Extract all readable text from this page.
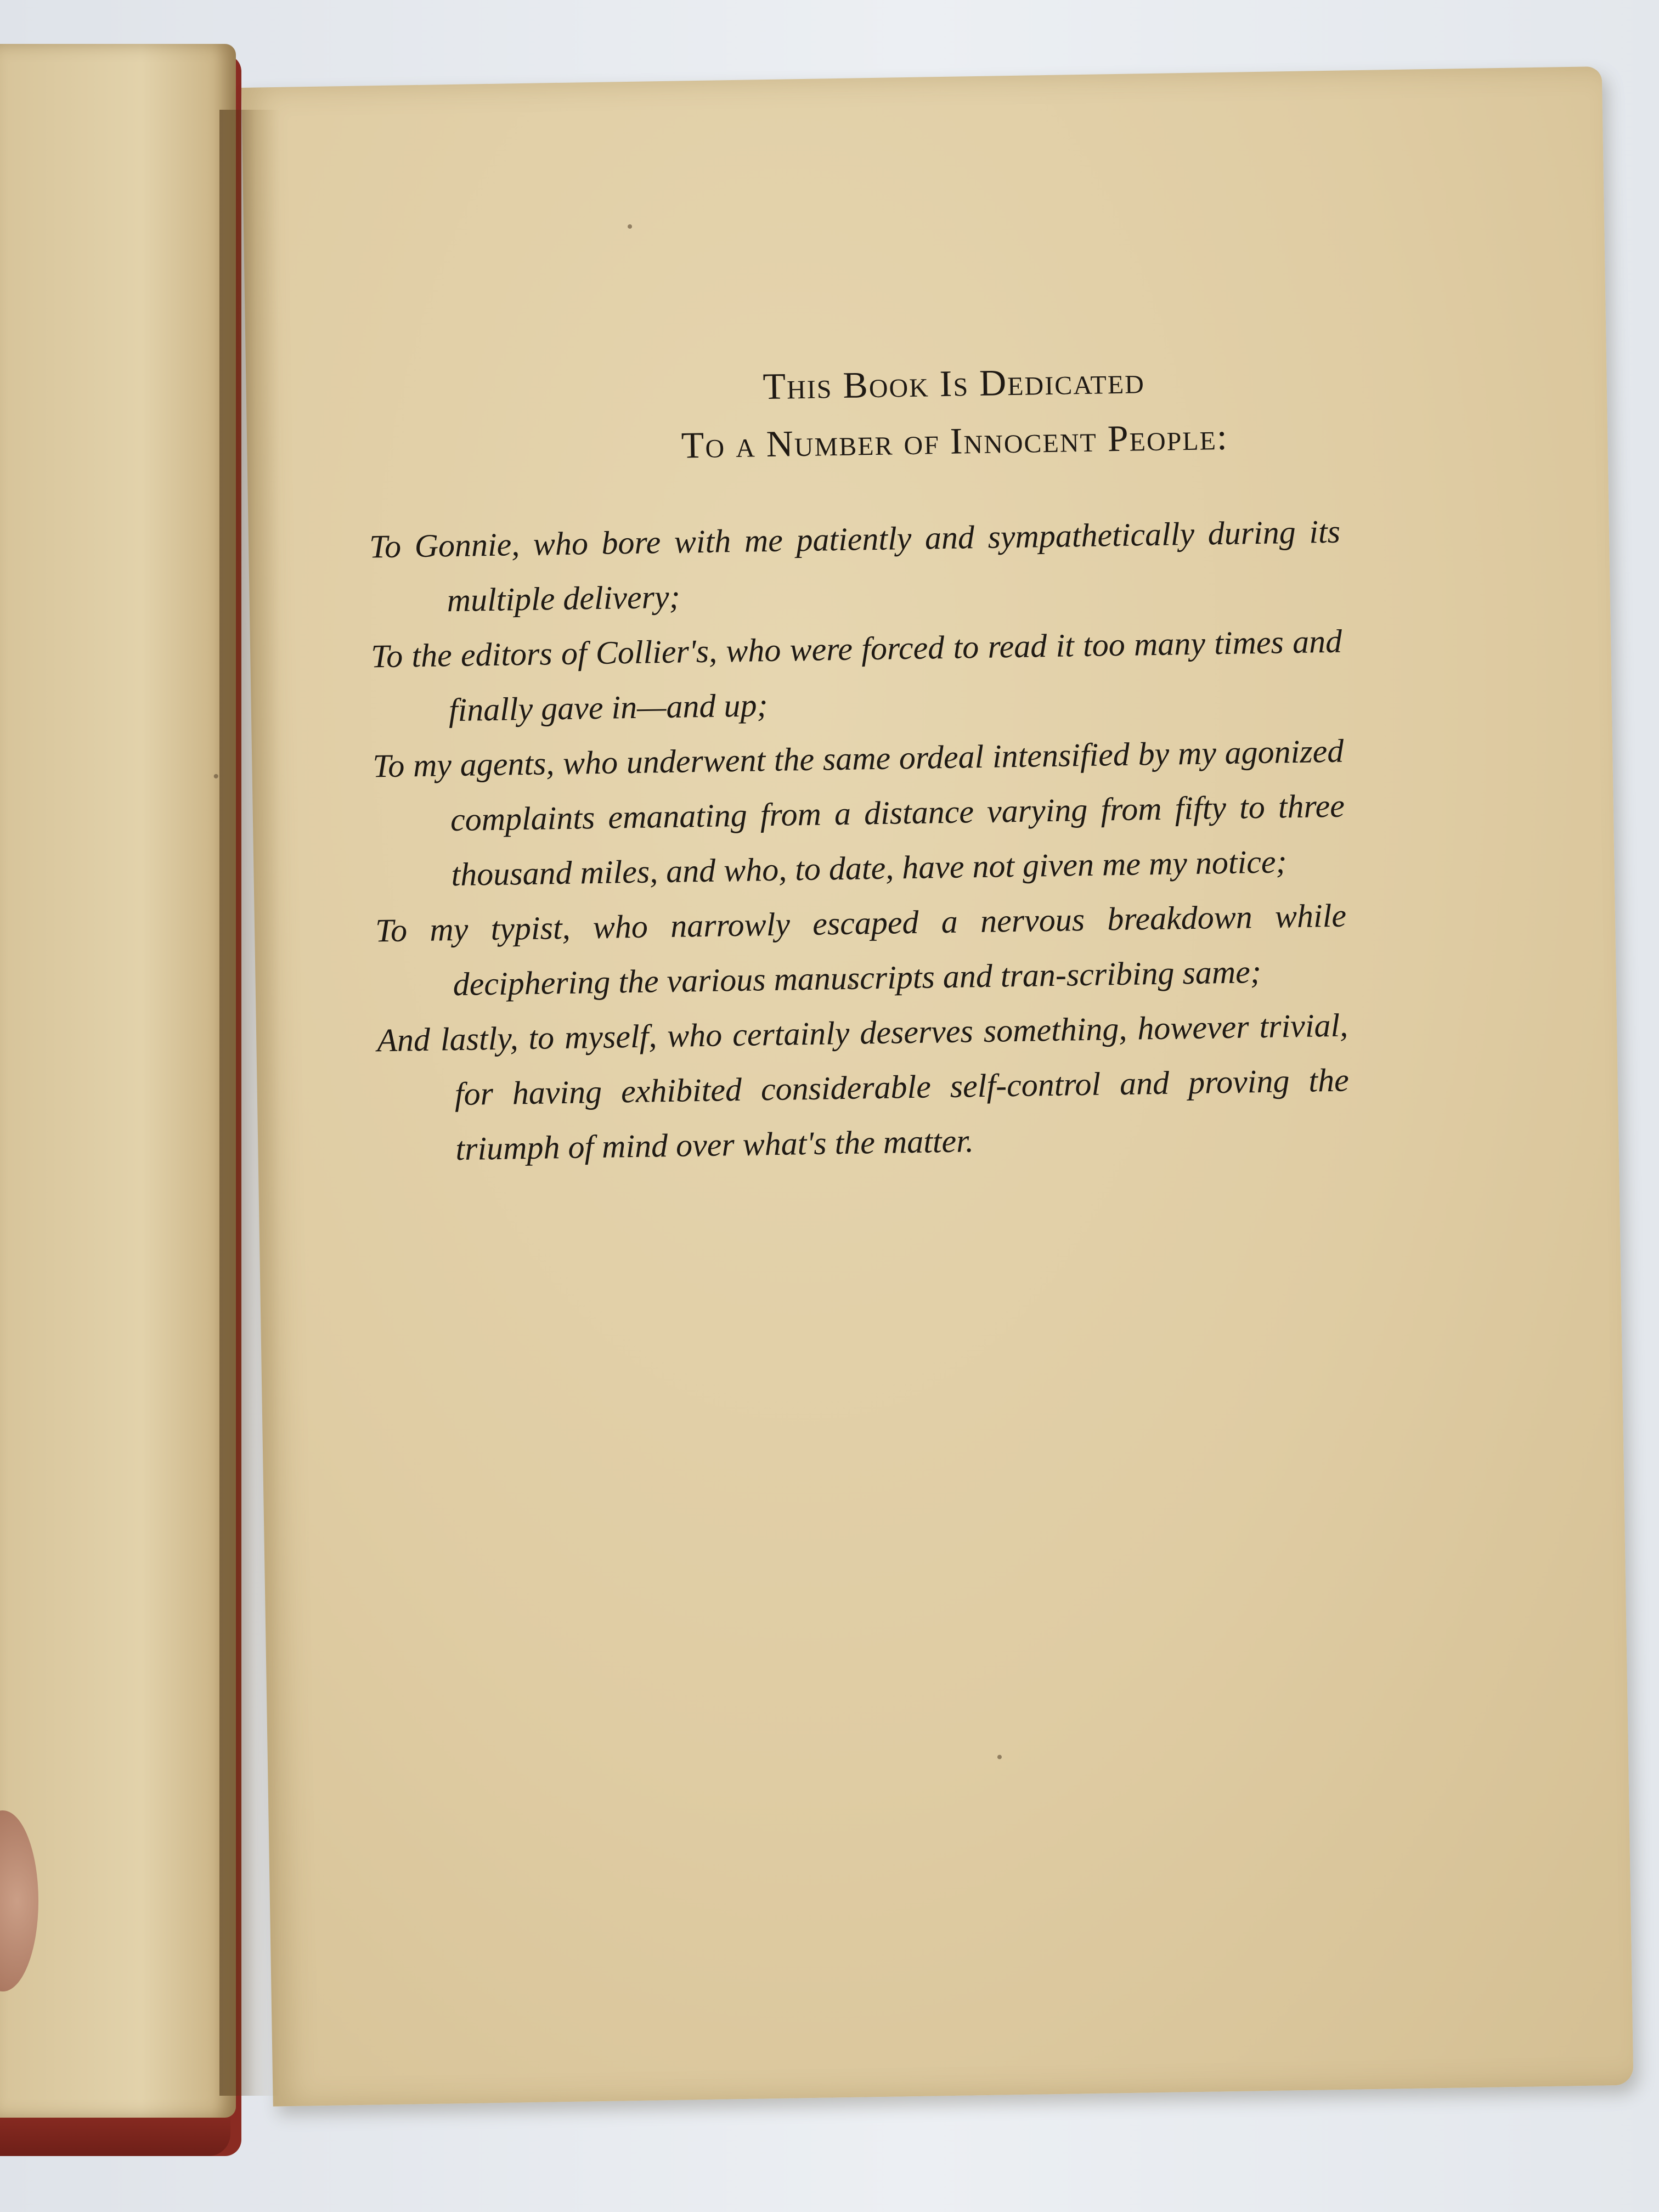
This Book Is Dedicated
To a Number of Innocent People:

To Gonnie, who bore with me patiently and sympathetically during its multiple delivery;

To the editors of Collier's, who were forced to read it too many times and finally gave in—and up;

To my agents, who underwent the same ordeal intensified by my agonized complaints emanating from a distance varying from fifty to three thousand miles, and who, to date, have not given me my notice;

To my typist, who narrowly escaped a nervous breakdown while deciphering the various manuscripts and tran-scribing same;

And lastly, to myself, who certainly deserves something, however trivial, for having exhibited considerable self-control and proving the triumph of mind over what's the matter.
